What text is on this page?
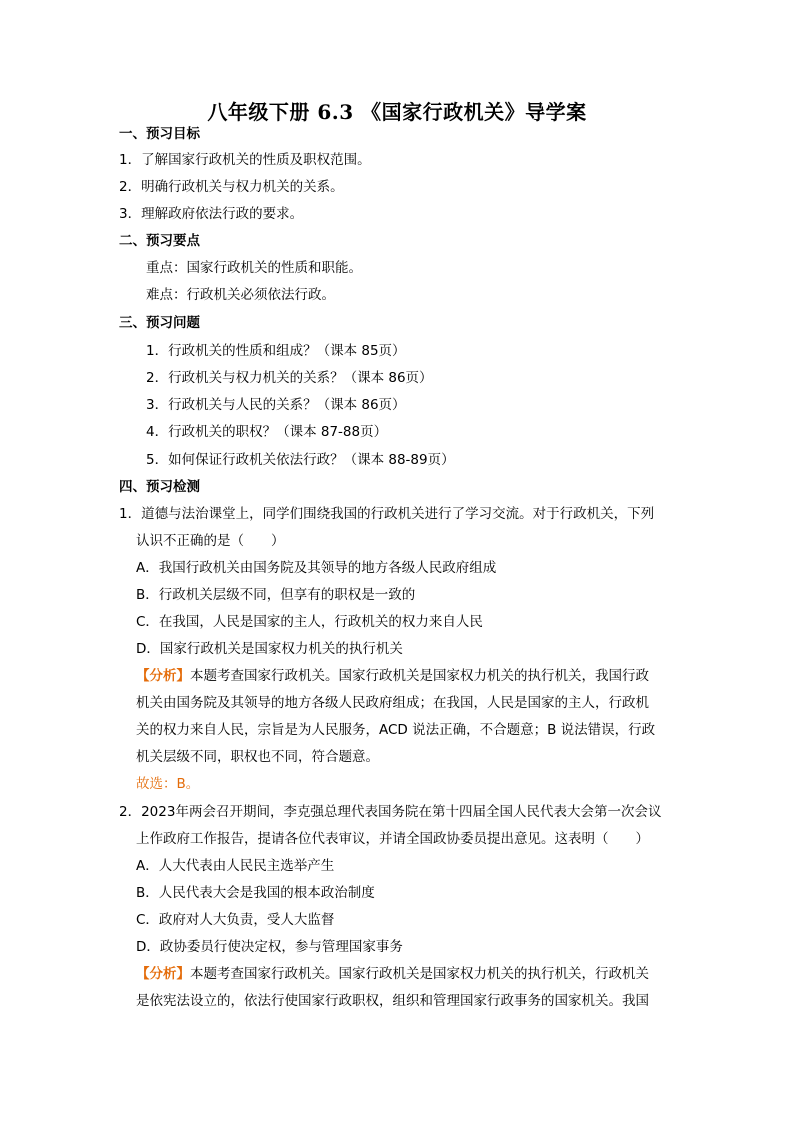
八年级下册 6.3 《国家行政机关》导学案
一、预习目标
1．了解国家行政机关的性质及职权范围。
2．明确行政机关与权力机关的关系。
3．理解政府依法行政的要求。
二、预习要点
重点：国家行政机关的性质和职能。
难点：行政机关必须依法行政。
三、预习问题
1．行政机关的性质和组成？（课本 85页）
2．行政机关与权力机关的关系？（课本 86页）
3．行政机关与人民的关系？（课本 86页）
4．行政机关的职权？（课本 87-88页）
5．如何保证行政机关依法行政？（课本 88-89页）
四、预习检测
1．道德与法治课堂上，同学们围绕我国的行政机关进行了学习交流。对于行政机关，下列
认识不正确的是（　　）
A．我国行政机关由国务院及其领导的地方各级人民政府组成
B．行政机关层级不同，但享有的职权是一致的
C．在我国，人民是国家的主人，行政机关的权力来自人民
D．国家行政机关是国家权力机关的执行机关
【分析】本题考查国家行政机关。国家行政机关是国家权力机关的执行机关，我国行政
机关由国务院及其领导的地方各级人民政府组成；在我国，人民是国家的主人，行政机
关的权力来自人民，宗旨是为人民服务，ACD 说法正确，不合题意；B 说法错误，行政
机关层级不同，职权也不同，符合题意。
故选：B。
2．2023年两会召开期间，李克强总理代表国务院在第十四届全国人民代表大会第一次会议
上作政府工作报告，提请各位代表审议，并请全国政协委员提出意见。这表明（　　）
A．人大代表由人民民主选举产生
B．人民代表大会是我国的根本政治制度
C．政府对人大负责，受人大监督
D．政协委员行使决定权，参与管理国家事务
【分析】本题考查国家行政机关。国家行政机关是国家权力机关的执行机关，行政机关
是依宪法设立的，依法行使国家行政职权，组织和管理国家行政事务的国家机关。我国
